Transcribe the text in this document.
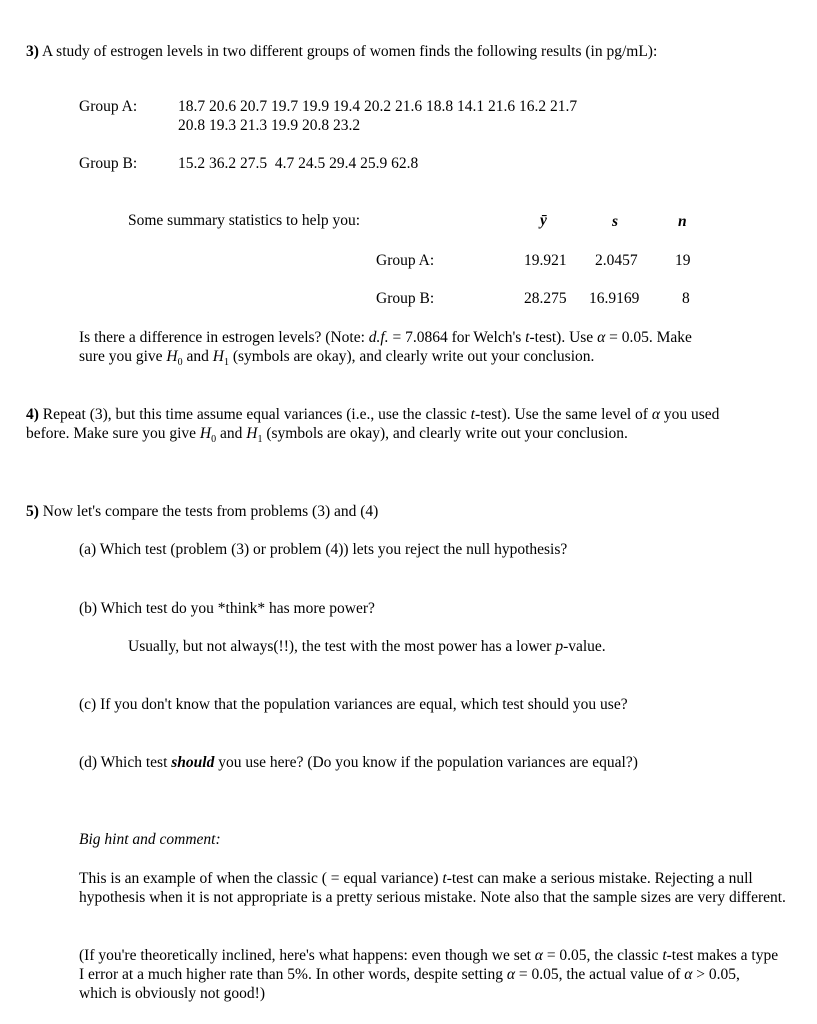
3) A study of estrogen levels in two different groups of women finds the following results (in pg/mL):
Group A:	18.7 20.6 20.7 19.7 19.9 19.4 20.2 21.6 18.8 14.1 21.6 16.2 21.7
20.8 19.3 21.3 19.9 20.8 23.2
Group B:	15.2 36.2 27.5  4.7 24.5 29.4 25.9 62.8
Some summary statistics to help you:	ȳ	s	n
Group A:	19.921 2.0457 19
Group B:	28.275 16.9169	8
Is there a difference in estrogen levels? (Note: d.f. = 7.0864 for Welch's t-test). Use α = 0.05. Make
sure you give $H_0$ and $H_1$ (symbols are okay), and clearly write out your conclusion.
4) Repeat (3), but this time assume equal variances (i.e., use the classic t-test). Use the same level of α you used
before. Make sure you give $H_0$ and $H_1$ (symbols are okay), and clearly write out your conclusion.
5) Now let's compare the tests from problems (3) and (4)
(a) Which test (problem (3) or problem (4)) lets you reject the null hypothesis?
(b) Which test do you *think* has more power?
Usually, but not always(!!), the test with the most power has a lower p-value.
(c) If you don't know that the population variances are equal, which test should you use?
(d) Which test should you use here? (Do you know if the population variances are equal?)
Big hint and comment:
This is an example of when the classic ( = equal variance) t-test can make a serious mistake. Rejecting a null hypothesis when it is not appropriate is a pretty serious mistake. Note also that the sample sizes are very different.
(If you're theoretically inclined, here's what happens: even though we set α = 0.05, the classic t-test makes a type I error at a much higher rate than 5%. In other words, despite setting α = 0.05, the actual value of α > 0.05, which is obviously not good!)
